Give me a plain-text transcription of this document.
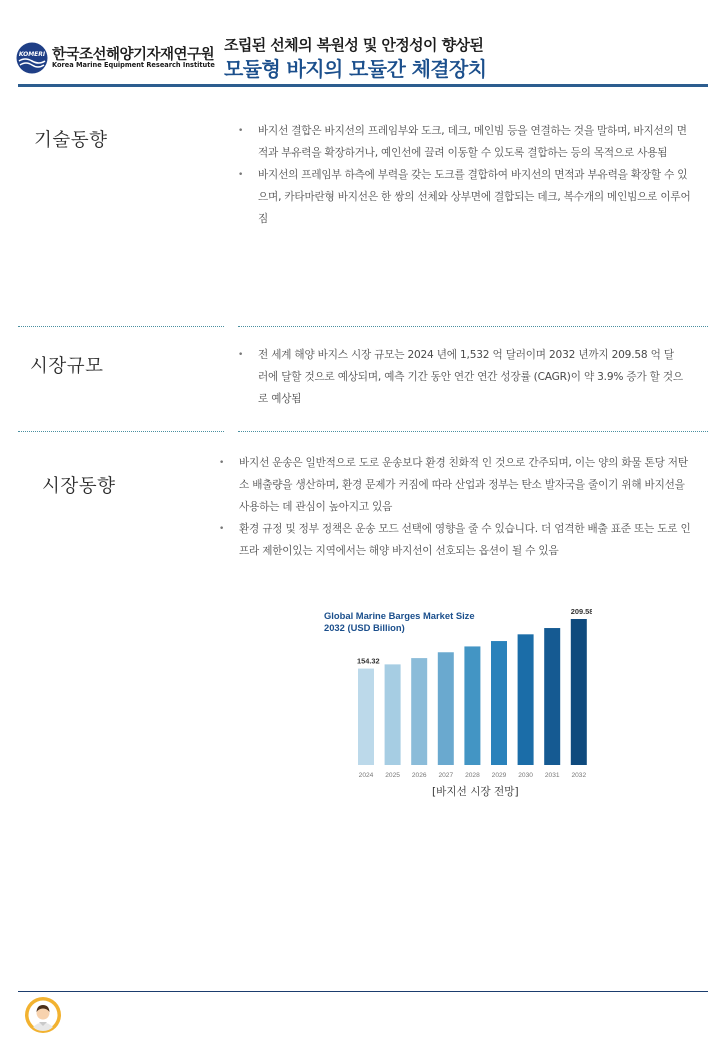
KOMERI 한국조선해양기자재연구원
Korea Marine Equipment Research Institute
조립된 선체의 복원성 및 안정성이 향상된
모듈형 바지의 모듈간 체결장치
기술동향
•	바지선 결합은 바지선의 프레임부와 도크, 데크, 메인빔 등을 연결하는 것을 말하며, 바지선의 면적과 부유력을 확장하거나, 예인선에 끌려 이동할 수 있도록 결합하는 등의 목적으로 사용됨
• 바지선의 프레임부 하측에 부력을 갖는 도크를 결합하여 바지선의 면적과 부유력을 확장할 수 있으며, 카타마란형 바지선은 한 쌍의 선체와 상부면에 결합되는 데크, 복수개의 메인빔으로 이루어짐
시장규모
• 전 세계 해양 바지스 시장 규모는 2024 년에 1,532 억 달러이며 2032 년까지 209.58 억 달러에 달할 것으로 예상되며, 예측 기간 동안 연간 연간 성장률 (CAGR)이 약 3.9% 증가 할 것으로 예상됨
시장동향
• 바지선 운송은 일반적으로 도로 운송보다 환경 친화적 인 것으로 간주되며, 이는 양의 화물 톤당 저탄소 배출량을 생산하며, 환경 문제가 커짐에 따라 산업과 정부는 탄소 발자국을 줄이기 위해 바지선을 사용하는 데 관심이 높아지고 있음
• 환경 규정 및 정부 정책은 운송 모드 선택에 영향을 줄 수 있습니다. 더 엄격한 배출 표준 또는 도로 인프라 제한이있는 지역에서는 해양 바지선이 선호되는 옵션이 될 수 있음
Global Marine Barges Market Size
2032 (USD Billion)
2024
154.32
2025 2026 2027 2028 2029 2030 2031 2032
209.58
[바지선 시장 전망]
